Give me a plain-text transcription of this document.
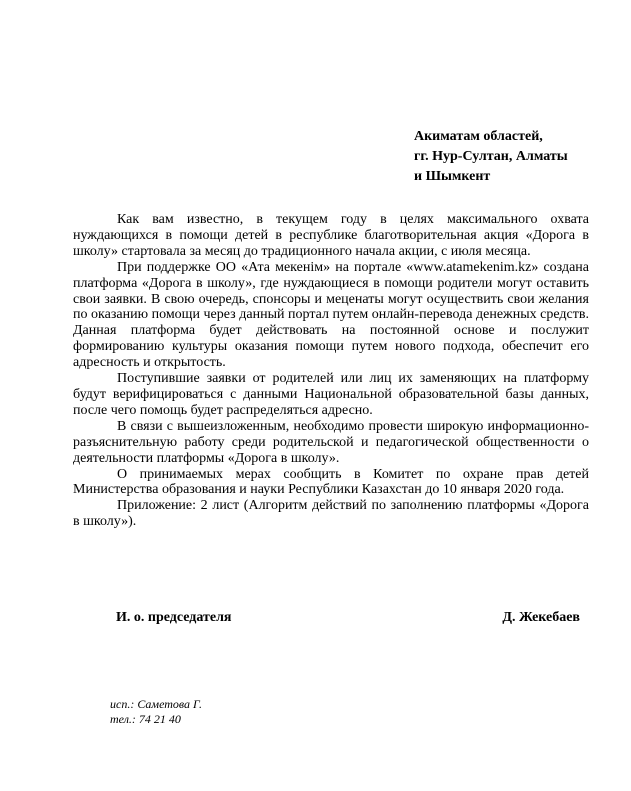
Акиматам областей,
гг. Нур-Султан, Алматы
и Шымкент

Как вам известно, в текущем году в целях максимального охвата нуждающихся в помощи детей в республике благотворительная акция «Дорога в школу» стартовала за месяц до традиционного начала акции, с июля месяца.

При поддержке ОО «Ата мекенім» на портале «www.atamekenim.kz» создана платформа «Дорога в школу», где нуждающиеся в помощи родители могут оставить свои заявки. В свою очередь, спонсоры и меценаты могут осуществить свои желания по оказанию помощи через данный портал путем онлайн-перевода денежных средств. Данная платформа будет действовать на постоянной основе и послужит формированию культуры оказания помощи путем нового подхода, обеспечит его адресность и открытость.

Поступившие заявки от родителей или лиц их заменяющих на платформу будут верифицироваться с данными Национальной образовательной базы данных, после чего помощь будет распределяться адресно.

В связи с вышеизложенным, необходимо провести широкую информационно-разъяснительную работу среди родительской и педагогической общественности о деятельности платформы «Дорога в школу».

О принимаемых мерах сообщить в Комитет по охране прав детей Министерства образования и науки Республики Казахстан до 10 января 2020 года.

Приложение: 2 лист (Алгоритм действий по заполнению платформы «Дорога в школу»).

И. о. председателя	Д. Жекебаев
исп.: Саметова Г.
тел.: 74 21 40
